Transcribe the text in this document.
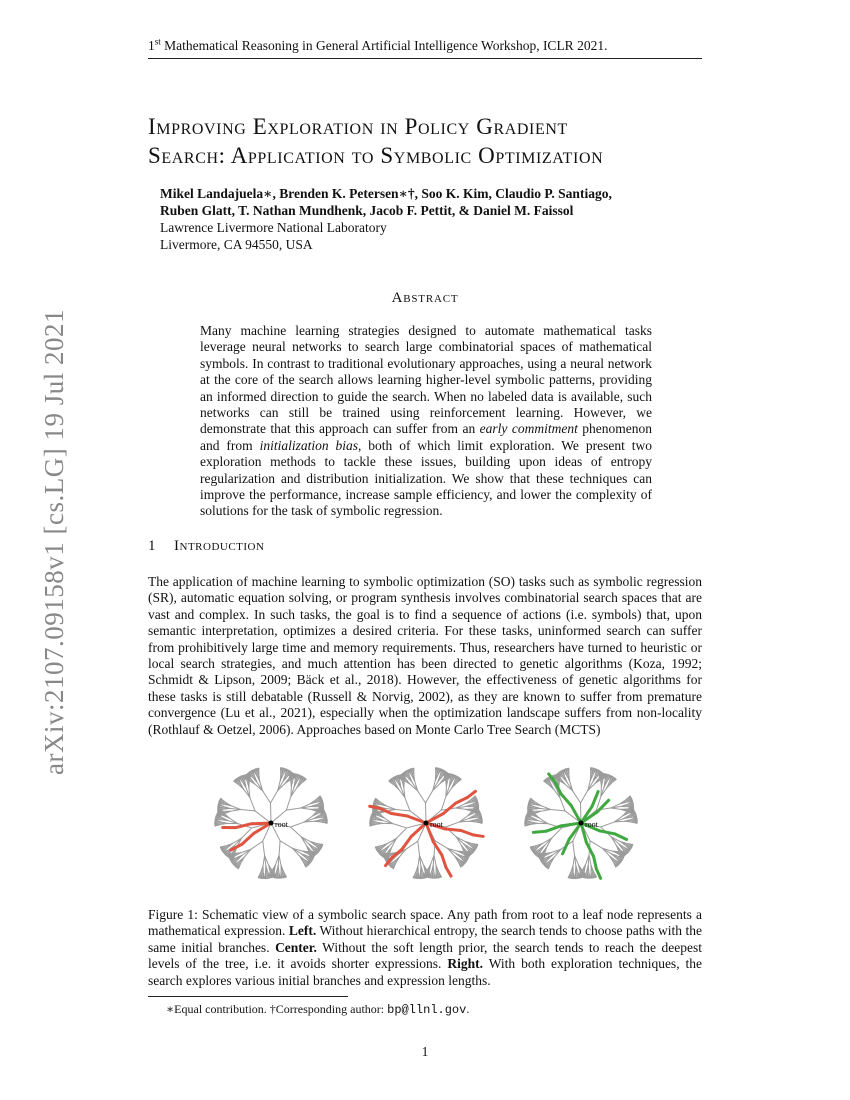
1st Mathematical Reasoning in General Artificial Intelligence Workshop, ICLR 2021.
Improving Exploration in Policy Gradient
Search: Application to Symbolic Optimization
Mikel Landajuela∗, Brenden K. Petersen∗†, Soo K. Kim, Claudio P. Santiago,
Ruben Glatt, T. Nathan Mundhenk, Jacob F. Pettit, & Daniel M. Faissol
Lawrence Livermore National Laboratory
Livermore, CA 94550, USA
Abstract
Many machine learning strategies designed to automate mathematical tasks leverage neural networks to search large combinatorial spaces of mathematical symbols. In contrast to traditional evolutionary approaches, using a neural network at the core of the search allows learning higher-level symbolic patterns, providing an informed direction to guide the search. When no labeled data is available, such networks can still be trained using reinforcement learning. However, we demonstrate that this approach can suffer from an early commitment phenomenon and from initialization bias, both of which limit exploration. We present two exploration methods to tackle these issues, building upon ideas of entropy regularization and distribution initialization. We show that these techniques can improve the performance, increase sample efficiency, and lower the complexity of solutions for the task of symbolic regression.
1 Introduction
The application of machine learning to symbolic optimization (SO) tasks such as symbolic regression (SR), automatic equation solving, or program synthesis involves combinatorial search spaces that are vast and complex. In such tasks, the goal is to find a sequence of actions (i.e. symbols) that, upon semantic interpretation, optimizes a desired criteria. For these tasks, uninformed search can suffer from prohibitively large time and memory requirements. Thus, researchers have turned to heuristic or local search strategies, and much attention has been directed to genetic algorithms (Koza, 1992; Schmidt & Lipson, 2009; Bäck et al., 2018). However, the effectiveness of genetic algorithms for these tasks is still debatable (Russell & Norvig, 2002), as they are known to suffer from premature convergence (Lu et al., 2021), especially when the optimization landscape suffers from non-locality (Rothlauf & Oetzel, 2006). Approaches based on Monte Carlo Tree Search (MCTS)
root	root	root
Figure 1: Schematic view of a symbolic search space. Any path from root to a leaf node represents a mathematical expression. Left. Without hierarchical entropy, the search tends to choose paths with the same initial branches. Center. Without the soft length prior, the search tends to reach the deepest levels of the tree, i.e. it avoids shorter expressions. Right. With both exploration techniques, the search explores various initial branches and expression lengths.
∗Equal contribution. †Corresponding author: bp@llnl.gov.
1
arXiv:2107.09158v1 [cs.LG] 19 Jul 2021
